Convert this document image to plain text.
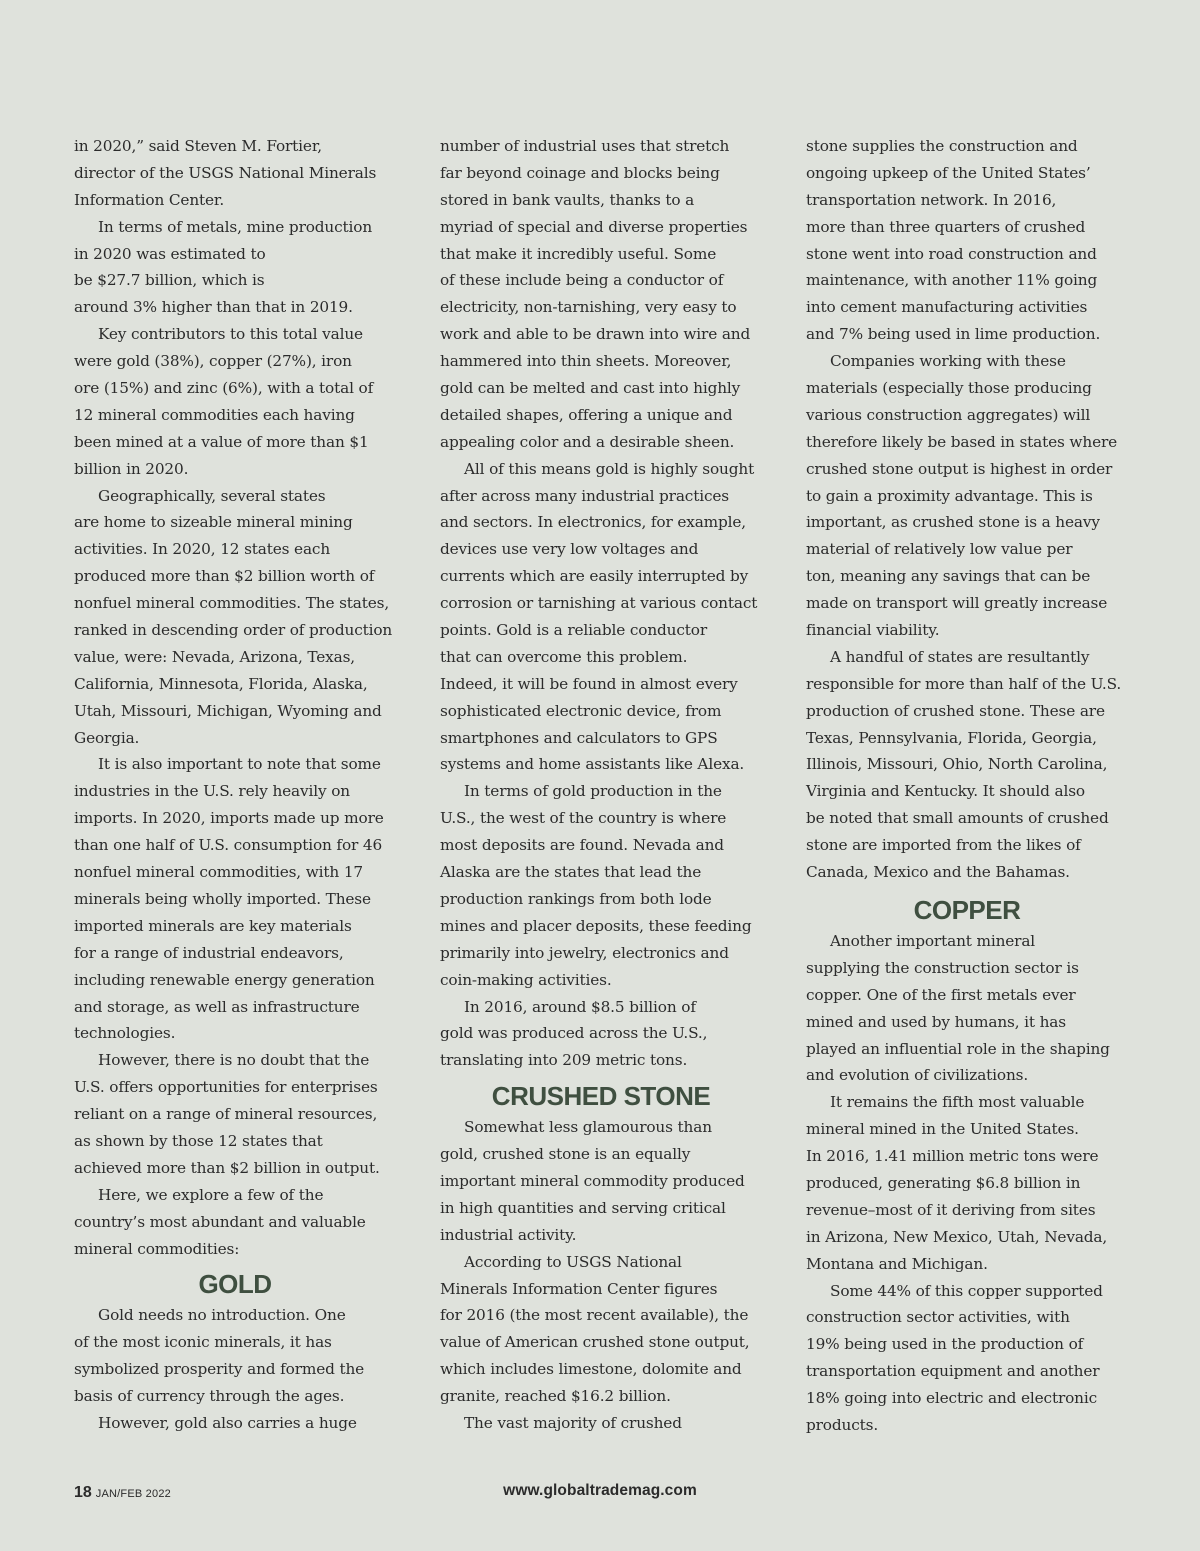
in 2020,” said Steven M. Fortier,
director of the USGS National Minerals
Information Center.
In terms of metals, mine production
in 2020 was estimated to
be $27.7 billion, which is
around 3% higher than that in 2019.
Key contributors to this total value
were gold (38%), copper (27%), iron
ore (15%) and zinc (6%), with a total of
12 mineral commodities each having
been mined at a value of more than $1
billion in 2020.
Geographically, several states
are home to sizeable mineral mining
activities. In 2020, 12 states each
produced more than $2 billion worth of
nonfuel mineral commodities. The states,
ranked in descending order of production
value, were: Nevada, Arizona, Texas,
California, Minnesota, Florida, Alaska,
Utah, Missouri, Michigan, Wyoming and
Georgia.
It is also important to note that some
industries in the U.S. rely heavily on
imports. In 2020, imports made up more
than one half of U.S. consumption for 46
nonfuel mineral commodities, with 17
minerals being wholly imported. These
imported minerals are key materials
for a range of industrial endeavors,
including renewable energy generation
and storage, as well as infrastructure
technologies.
However, there is no doubt that the
U.S. offers opportunities for enterprises
reliant on a range of mineral resources,
as shown by those 12 states that
achieved more than $2 billion in output.
Here, we explore a few of the
country’s most abundant and valuable
mineral commodities:
GOLD
Gold needs no introduction. One
of the most iconic minerals, it has
symbolized prosperity and formed the
basis of currency through the ages.
However, gold also carries a huge
number of industrial uses that stretch
far beyond coinage and blocks being
stored in bank vaults, thanks to a
myriad of special and diverse properties
that make it incredibly useful. Some
of these include being a conductor of
electricity, non-tarnishing, very easy to
work and able to be drawn into wire and
hammered into thin sheets. Moreover,
gold can be melted and cast into highly
detailed shapes, offering a unique and
appealing color and a desirable sheen.
All of this means gold is highly sought
after across many industrial practices
and sectors. In electronics, for example,
devices use very low voltages and
currents which are easily interrupted by
corrosion or tarnishing at various contact
points. Gold is a reliable conductor
that can overcome this problem.
Indeed, it will be found in almost every
sophisticated electronic device, from
smartphones and calculators to GPS
systems and home assistants like Alexa.
In terms of gold production in the
U.S., the west of the country is where
most deposits are found. Nevada and
Alaska are the states that lead the
production rankings from both lode
mines and placer deposits, these feeding
primarily into jewelry, electronics and
coin-making activities.
In 2016, around $8.5 billion of
gold was produced across the U.S.,
translating into 209 metric tons.
CRUSHED STONE
Somewhat less glamourous than
gold, crushed stone is an equally
important mineral commodity produced
in high quantities and serving critical
industrial activity.
According to USGS National
Minerals Information Center figures
for 2016 (the most recent available), the
value of American crushed stone output,
which includes limestone, dolomite and
granite, reached $16.2 billion.
The vast majority of crushed
stone supplies the construction and
ongoing upkeep of the United States’
transportation network. In 2016,
more than three quarters of crushed
stone went into road construction and
maintenance, with another 11% going
into cement manufacturing activities
and 7% being used in lime production.
Companies working with these
materials (especially those producing
various construction aggregates) will
therefore likely be based in states where
crushed stone output is highest in order
to gain a proximity advantage. This is
important, as crushed stone is a heavy
material of relatively low value per
ton, meaning any savings that can be
made on transport will greatly increase
financial viability.
A handful of states are resultantly
responsible for more than half of the U.S.
production of crushed stone. These are
Texas, Pennsylvania, Florida, Georgia,
Illinois, Missouri, Ohio, North Carolina,
Virginia and Kentucky. It should also
be noted that small amounts of crushed
stone are imported from the likes of
Canada, Mexico and the Bahamas.
COPPER
Another important mineral
supplying the construction sector is
copper. One of the first metals ever
mined and used by humans, it has
played an influential role in the shaping
and evolution of civilizations.
It remains the fifth most valuable
mineral mined in the United States.
In 2016, 1.41 million metric tons were
produced, generating $6.8 billion in
revenue–most of it deriving from sites
in Arizona, New Mexico, Utah, Nevada,
Montana and Michigan.
Some 44% of this copper supported
construction sector activities, with
19% being used in the production of
transportation equipment and another
18% going into electric and electronic
products.
18 JAN/FEB 2022	www.globaltrademag.com
